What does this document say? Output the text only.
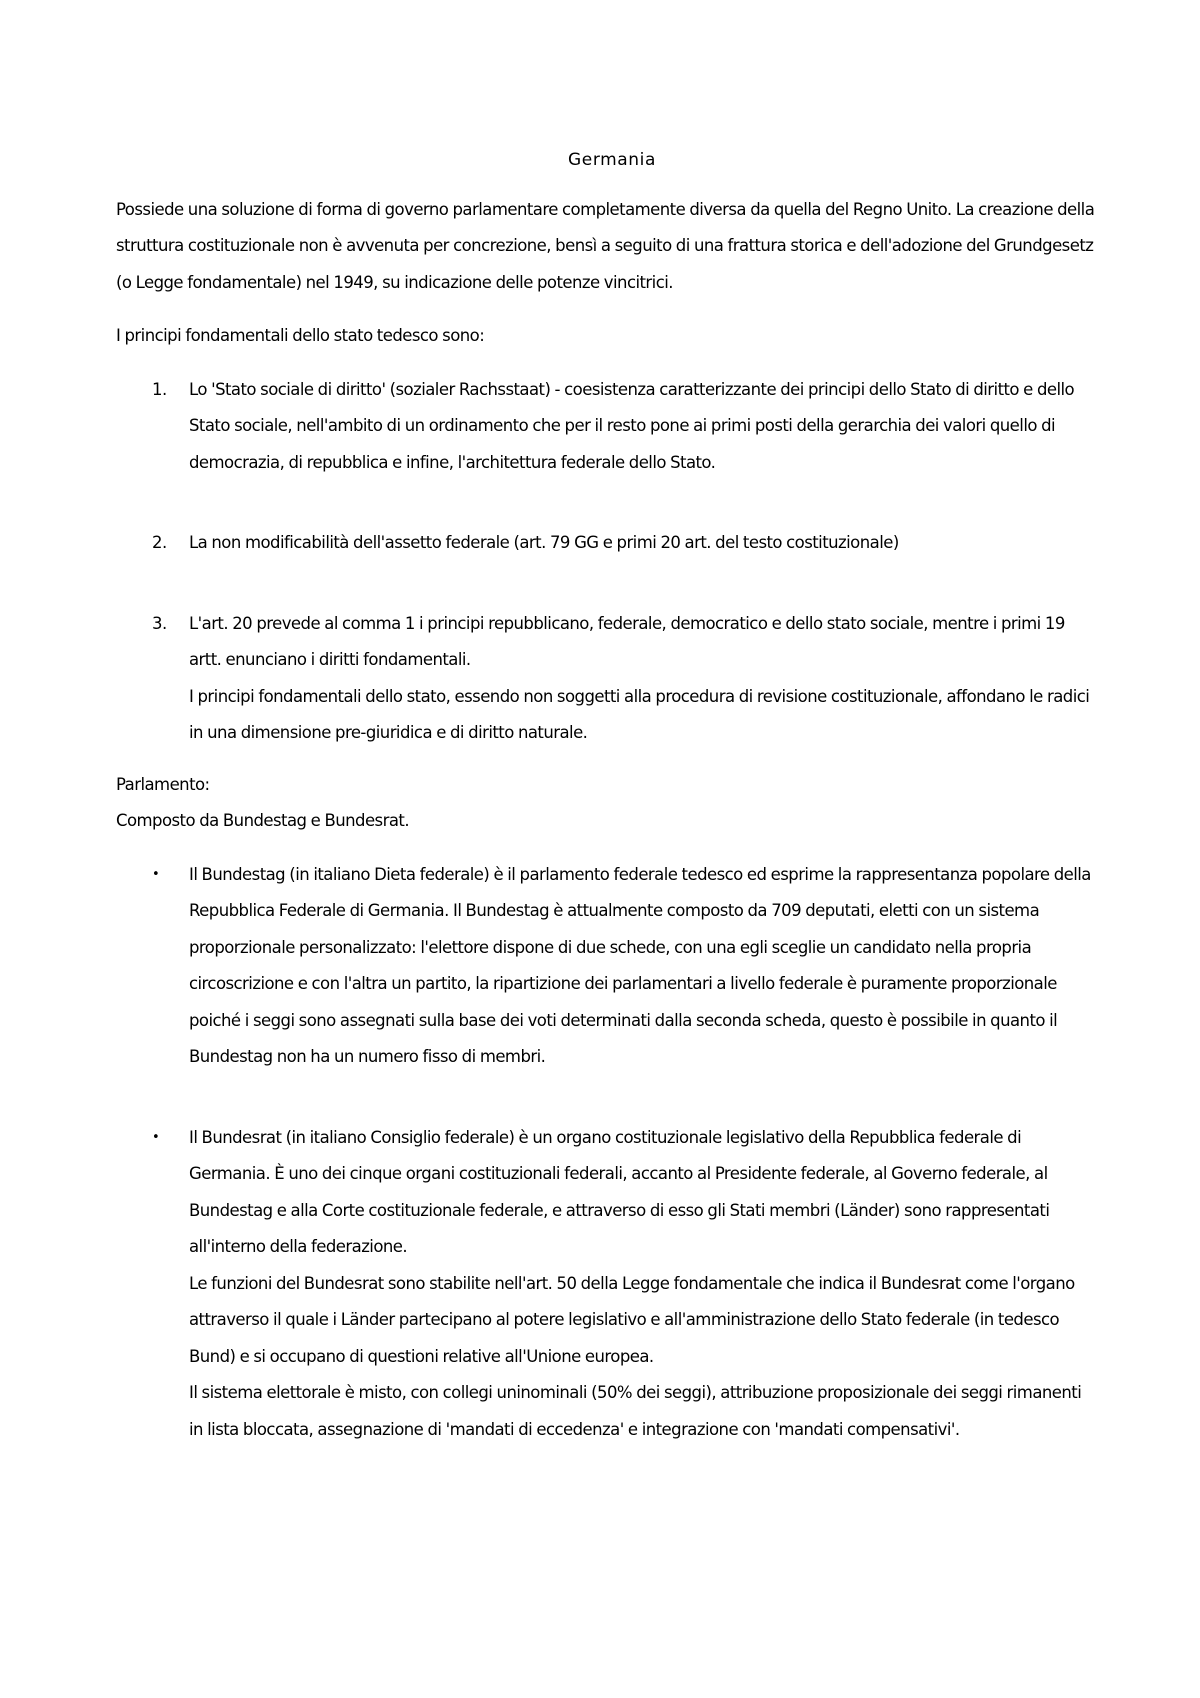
Germania

Possiede una soluzione di forma di governo parlamentare completamente diversa da quella del Regno Unito. La creazione della struttura costituzionale non è avvenuta per concrezione, bensì a seguito di una frattura storica e dell'adozione del Grundgesetz (o Legge fondamentale) nel 1949, su indicazione delle potenze vincitrici.

I principi fondamentali dello stato tedesco sono:

1. Lo 'Stato sociale di diritto' (sozialer Rachsstaat) - coesistenza caratterizzante dei principi dello Stato di diritto e dello Stato sociale, nell'ambito di un ordinamento che per il resto pone ai primi posti della gerarchia dei valori quello di democrazia, di repubblica e infine, l'architettura federale dello Stato.

2. La non modificabilità dell'assetto federale (art. 79 GG e primi 20 art. del testo costituzionale)

3. L'art. 20 prevede al comma 1 i principi repubblicano, federale, democratico e dello stato sociale, mentre i primi 19 artt. enunciano i diritti fondamentali.

I principi fondamentali dello stato, essendo non soggetti alla procedura di revisione costituzionale, affondano le radici in una dimensione pre-giuridica e di diritto naturale.

Parlamento:

Composto da Bundestag e Bundesrat.

• Il Bundestag (in italiano Dieta federale) è il parlamento federale tedesco ed esprime la rappresentanza popolare della Repubblica Federale di Germania. Il Bundestag è attualmente composto da 709 deputati, eletti con un sistema proporzionale personalizzato: l'elettore dispone di due schede, con una egli sceglie un candidato nella propria circoscrizione e con l'altra un partito, la ripartizione dei parlamentari a livello federale è puramente proporzionale poiché i seggi sono assegnati sulla base dei voti determinati dalla seconda scheda, questo è possibile in quanto il Bundestag non ha un numero fisso di membri.

• Il Bundesrat (in italiano Consiglio federale) è un organo costituzionale legislativo della Repubblica federale di Germania. È uno dei cinque organi costituzionali federali, accanto al Presidente federale, al Governo federale, al Bundestag e alla Corte costituzionale federale, e attraverso di esso gli Stati membri (Länder) sono rappresentati all'interno della federazione.

Le funzioni del Bundesrat sono stabilite nell'art. 50 della Legge fondamentale che indica il Bundesrat come l'organo attraverso il quale i Länder partecipano al potere legislativo e all'amministrazione dello Stato federale (in tedesco Bund) e si occupano di questioni relative all'Unione europea.

Il sistema elettorale è misto, con collegi uninominali (50% dei seggi), attribuzione proposizionale dei seggi rimanenti in lista bloccata, assegnazione di 'mandati di eccedenza' e integrazione con 'mandati compensativi'.
